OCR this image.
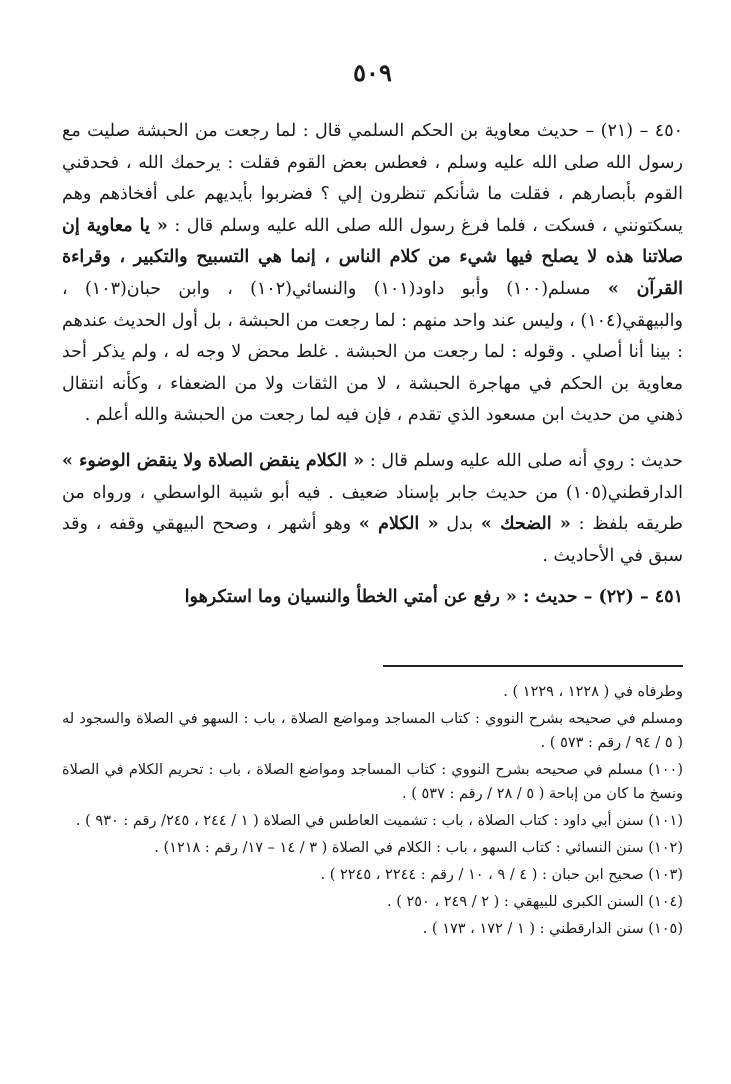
٥٠٩

٤٥٠ – (٢١) – حديث معاوية بن الحكم السلمي قال : لما رجعت من الحبشة صليت مع رسول الله صلى الله عليه وسلم ، فعطس بعض القوم فقلت : يرحمك الله ، فحدقني القوم بأبصارهم ، فقلت ما شأنكم تنظرون إلي ؟ فضربوا بأيديهم على أفخاذهم وهم يسكتونني ، فسكت ، فلما فرغ رسول الله صلى الله عليه وسلم قال : « يا معاوية إن صلاتنا هذه لا يصلح فيها شيء من كلام الناس ، إنما هي التسبيح والتكبير ، وقراءة القرآن » مسلم(١٠٠) وأبو داود(١٠١) والنسائي(١٠٢) ، وابن حبان(١٠٣) ، والبيهقي(١٠٤) ، وليس عند واحد منهم : لما رجعت من الحبشة ، بل أول الحديث عندهم : بينا أنا أصلي . وقوله : لما رجعت من الحبشة . غلط محض لا وجه له ، ولم يذكر أحد معاوية بن الحكم في مهاجرة الحبشة ، لا من الثقات ولا من الضعفاء ، وكأنه انتقال ذهني من حديث ابن مسعود الذي تقدم ، فإن فيه لما رجعت من الحبشة والله أعلم .

حديث : روي أنه صلى الله عليه وسلم قال : « الكلام ينقض الصلاة ولا ينقض الوضوء » الدارقطني(١٠٥) من حديث جابر بإسناد ضعيف . فيه أبو شيبة الواسطي ، ورواه من طريقه بلفظ : « الضحك » بدل « الكلام » وهو أشهر ، وصحح البيهقي وقفه ، وقد سبق في الأحاديث .

٤٥١ – (٢٢) – حديث : « رفع عن أمتي الخطأ والنسيان وما استكرهوا

وطرفاه في ( ١٢٢٨ ، ١٢٢٩ ) .

ومسلم في صحيحه بشرح النووي : كتاب المساجد ومواضع الصلاة ، باب : السهو في الصلاة والسجود له ( ٥ / ٩٤ / رقم : ٥٧٣ ) .

(١٠٠) مسلم في صحيحه بشرح النووي : كتاب المساجد ومواضع الصلاة ، باب : تحريم الكلام في الصلاة ونسخ ما كان من إباحة ( ٥ / ٢٨ / رقم : ٥٣٧ ) .

(١٠١) سنن أبي داود : كتاب الصلاة ، باب : تشميت العاطس في الصلاة ( ١ / ٢٤٤ ، ٢٤٥/ رقم : ٩٣٠ ) .

(١٠٢) سنن النسائي : كتاب السهو ، باب : الكلام في الصلاة ( ٣ / ١٤ – ١٧/ رقم : ١٢١٨) .

(١٠٣) صحيح ابن حبان : ( ٤ / ٩ ، ١٠ / رقم : ٢٢٤٤ ، ٢٢٤٥ ) .

(١٠٤) السنن الكبرى للبيهقي : ( ٢ / ٢٤٩ ، ٢٥٠ ) .

(١٠٥) سنن الدارقطني : ( ١ / ١٧٢ ، ١٧٣ ) .
